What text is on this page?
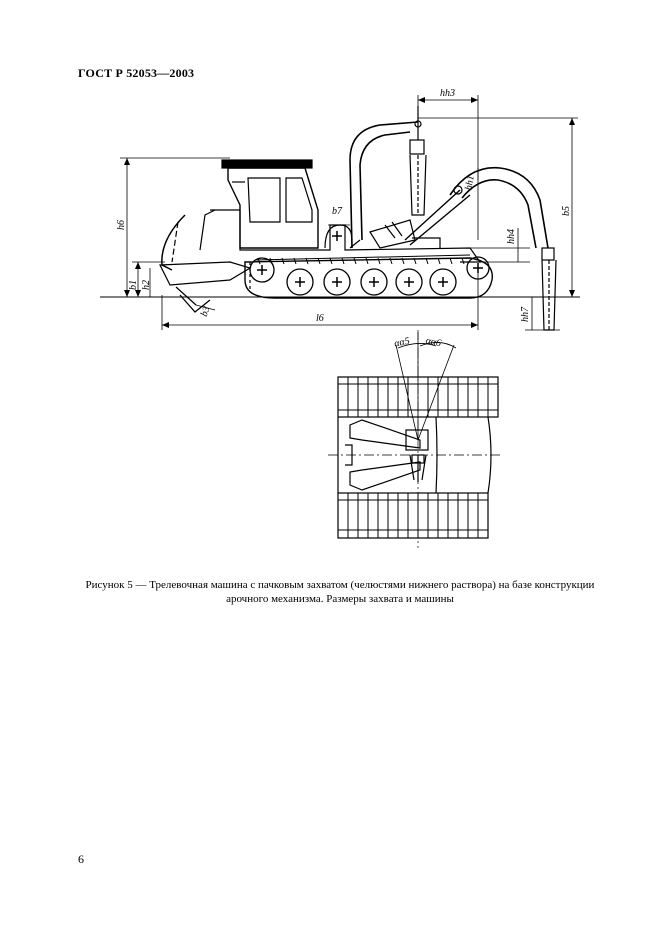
ГОСТ Р 52053—2003
hh3
b5
h6
b7
hh1
hh4
b1 h2
b3
l6	hh7
αα5 αα6
Рисунок 5 — Трелевочная машина с пачковым захватом (челюстями нижнего раствора) на базе конструкции
арочного механизма. Размеры захвата и машины
6
